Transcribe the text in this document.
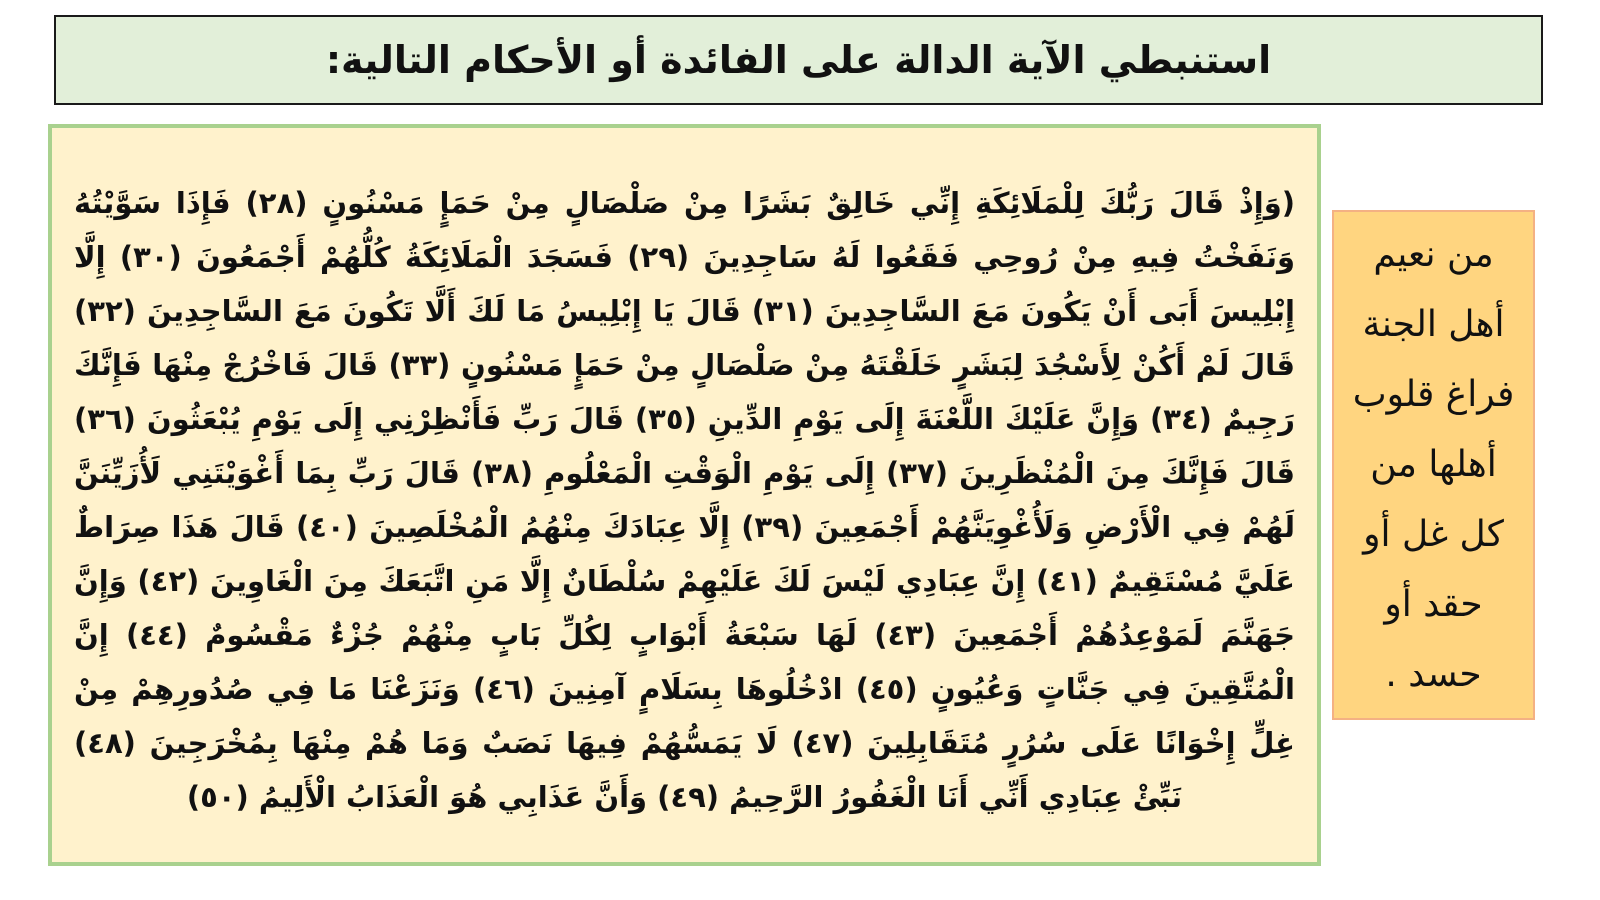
استنبطي الآية الدالة على الفائدة أو الأحكام التالية:

(وَإِذْ قَالَ رَبُّكَ لِلْمَلَائِكَةِ إِنِّي خَالِقٌ بَشَرًا مِنْ صَلْصَالٍ مِنْ حَمَإٍ مَسْنُونٍ (٢٨) فَإِذَا سَوَّيْتُهُ وَنَفَخْتُ فِيهِ مِنْ رُوحِي فَقَعُوا لَهُ سَاجِدِينَ (٢٩) فَسَجَدَ الْمَلَائِكَةُ كُلُّهُمْ أَجْمَعُونَ (٣٠) إِلَّا إِبْلِيسَ أَبَى أَنْ يَكُونَ مَعَ السَّاجِدِينَ (٣١) قَالَ يَا إِبْلِيسُ مَا لَكَ أَلَّا تَكُونَ مَعَ السَّاجِدِينَ (٣٢) قَالَ لَمْ أَكُنْ لِأَسْجُدَ لِبَشَرٍ خَلَقْتَهُ مِنْ صَلْصَالٍ مِنْ حَمَإٍ مَسْنُونٍ (٣٣) قَالَ فَاخْرُجْ مِنْهَا فَإِنَّكَ رَجِيمٌ (٣٤) وَإِنَّ عَلَيْكَ اللَّعْنَةَ إِلَى يَوْمِ الدِّينِ (٣٥) قَالَ رَبِّ فَأَنْظِرْنِي إِلَى يَوْمِ يُبْعَثُونَ (٣٦) قَالَ فَإِنَّكَ مِنَ الْمُنْظَرِينَ (٣٧) إِلَى يَوْمِ الْوَقْتِ الْمَعْلُومِ (٣٨) قَالَ رَبِّ بِمَا أَغْوَيْتَنِي لَأُزَيِّنَنَّ لَهُمْ فِي الْأَرْضِ وَلَأُغْوِيَنَّهُمْ أَجْمَعِينَ (٣٩) إِلَّا عِبَادَكَ مِنْهُمُ الْمُخْلَصِينَ (٤٠) قَالَ هَذَا صِرَاطٌ عَلَيَّ مُسْتَقِيمٌ (٤١) إِنَّ عِبَادِي لَيْسَ لَكَ عَلَيْهِمْ سُلْطَانٌ إِلَّا مَنِ اتَّبَعَكَ مِنَ الْغَاوِينَ (٤٢) وَإِنَّ جَهَنَّمَ لَمَوْعِدُهُمْ أَجْمَعِينَ (٤٣) لَهَا سَبْعَةُ أَبْوَابٍ لِكُلِّ بَابٍ مِنْهُمْ جُزْءٌ مَقْسُومٌ (٤٤) إِنَّ الْمُتَّقِينَ فِي جَنَّاتٍ وَعُيُونٍ (٤٥) ادْخُلُوهَا بِسَلَامٍ آمِنِينَ (٤٦) وَنَزَعْنَا مَا فِي صُدُورِهِمْ مِنْ غِلٍّ إِخْوَانًا عَلَى سُرُرٍ مُتَقَابِلِينَ (٤٧) لَا يَمَسُّهُمْ فِيهَا نَصَبٌ وَمَا هُمْ مِنْهَا بِمُخْرَجِينَ (٤٨) نَبِّئْ عِبَادِي أَنِّي أَنَا الْغَفُورُ الرَّحِيمُ (٤٩) وَأَنَّ عَذَابِي هُوَ الْعَذَابُ الْأَلِيمُ (٥٠)

من نعيم أهل الجنة فراغ قلوب أهلها من كل غل أو حقد أو حسد .
